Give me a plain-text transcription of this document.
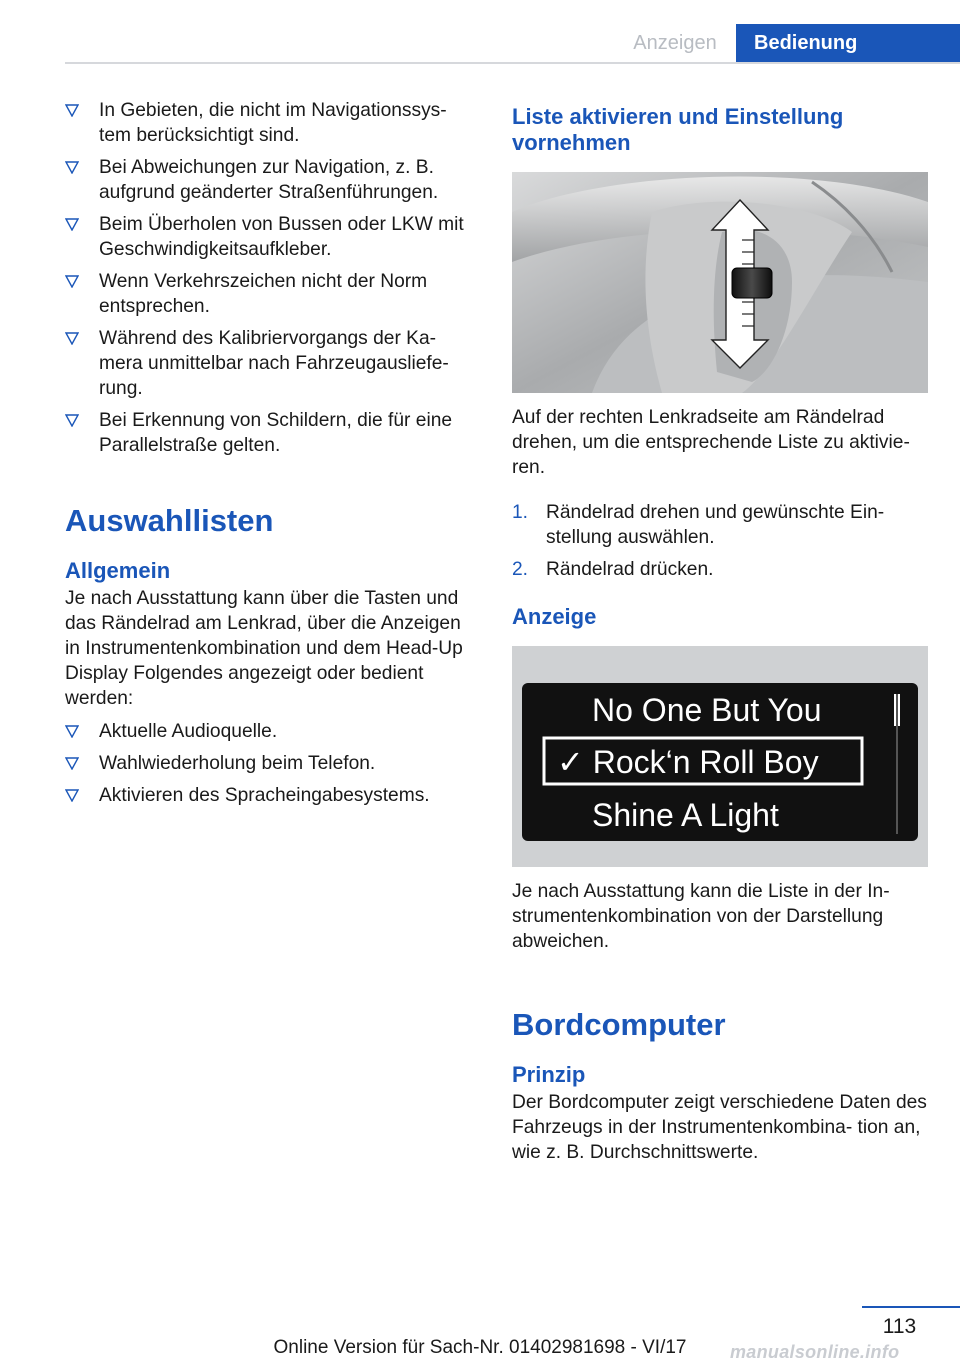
Anzeigen	Bedienung
In Gebieten, die nicht im Navigationssys‐ tem berücksichtigt sind.
Bei Abweichungen zur Navigation, z. B. aufgrund geänderter Straßenführungen.
Beim Überholen von Bussen oder LKW mit Geschwindigkeitsaufkleber.
Wenn Verkehrszeichen nicht der Norm entsprechen.
Während des Kalibriervorgangs der Ka‐ mera unmittelbar nach Fahrzeugausliefe‐ rung.
Bei Erkennung von Schildern, die für eine Parallelstraße gelten.
Auswahllisten
Allgemein

Je nach Ausstattung kann über die Tasten und das Rändelrad am Lenkrad, über die Anzeigen in Instrumentenkombination und dem Head-Up Display Folgendes angezeigt oder bedient werden:

Aktuelle Audioquelle.
Wahlwiederholung beim Telefon.
Aktivieren des Spracheingabesystems.
Liste aktivieren und Einstellung vornehmen

Auf der rechten Lenkradseite am Rändelrad drehen, um die entsprechende Liste zu aktivie‐ ren.

1. Rändelrad drehen und gewünschte Ein‐ stellung auswählen.
2. Rändelrad drücken.
Anzeige
No One But You
✓ Rock‘n Roll Boy
Shine A Light

Je nach Ausstattung kann die Liste in der In‐ strumentenkombination von der Darstellung abweichen.

Bordcomputer
Prinzip

Der Bordcomputer zeigt verschiedene Daten des Fahrzeugs in der Instrumentenkombina‐ tion an, wie z. B. Durchschnittswerte.

113
Online Version für Sach-Nr. 01402981698 - VI/17	manualsonline.info
